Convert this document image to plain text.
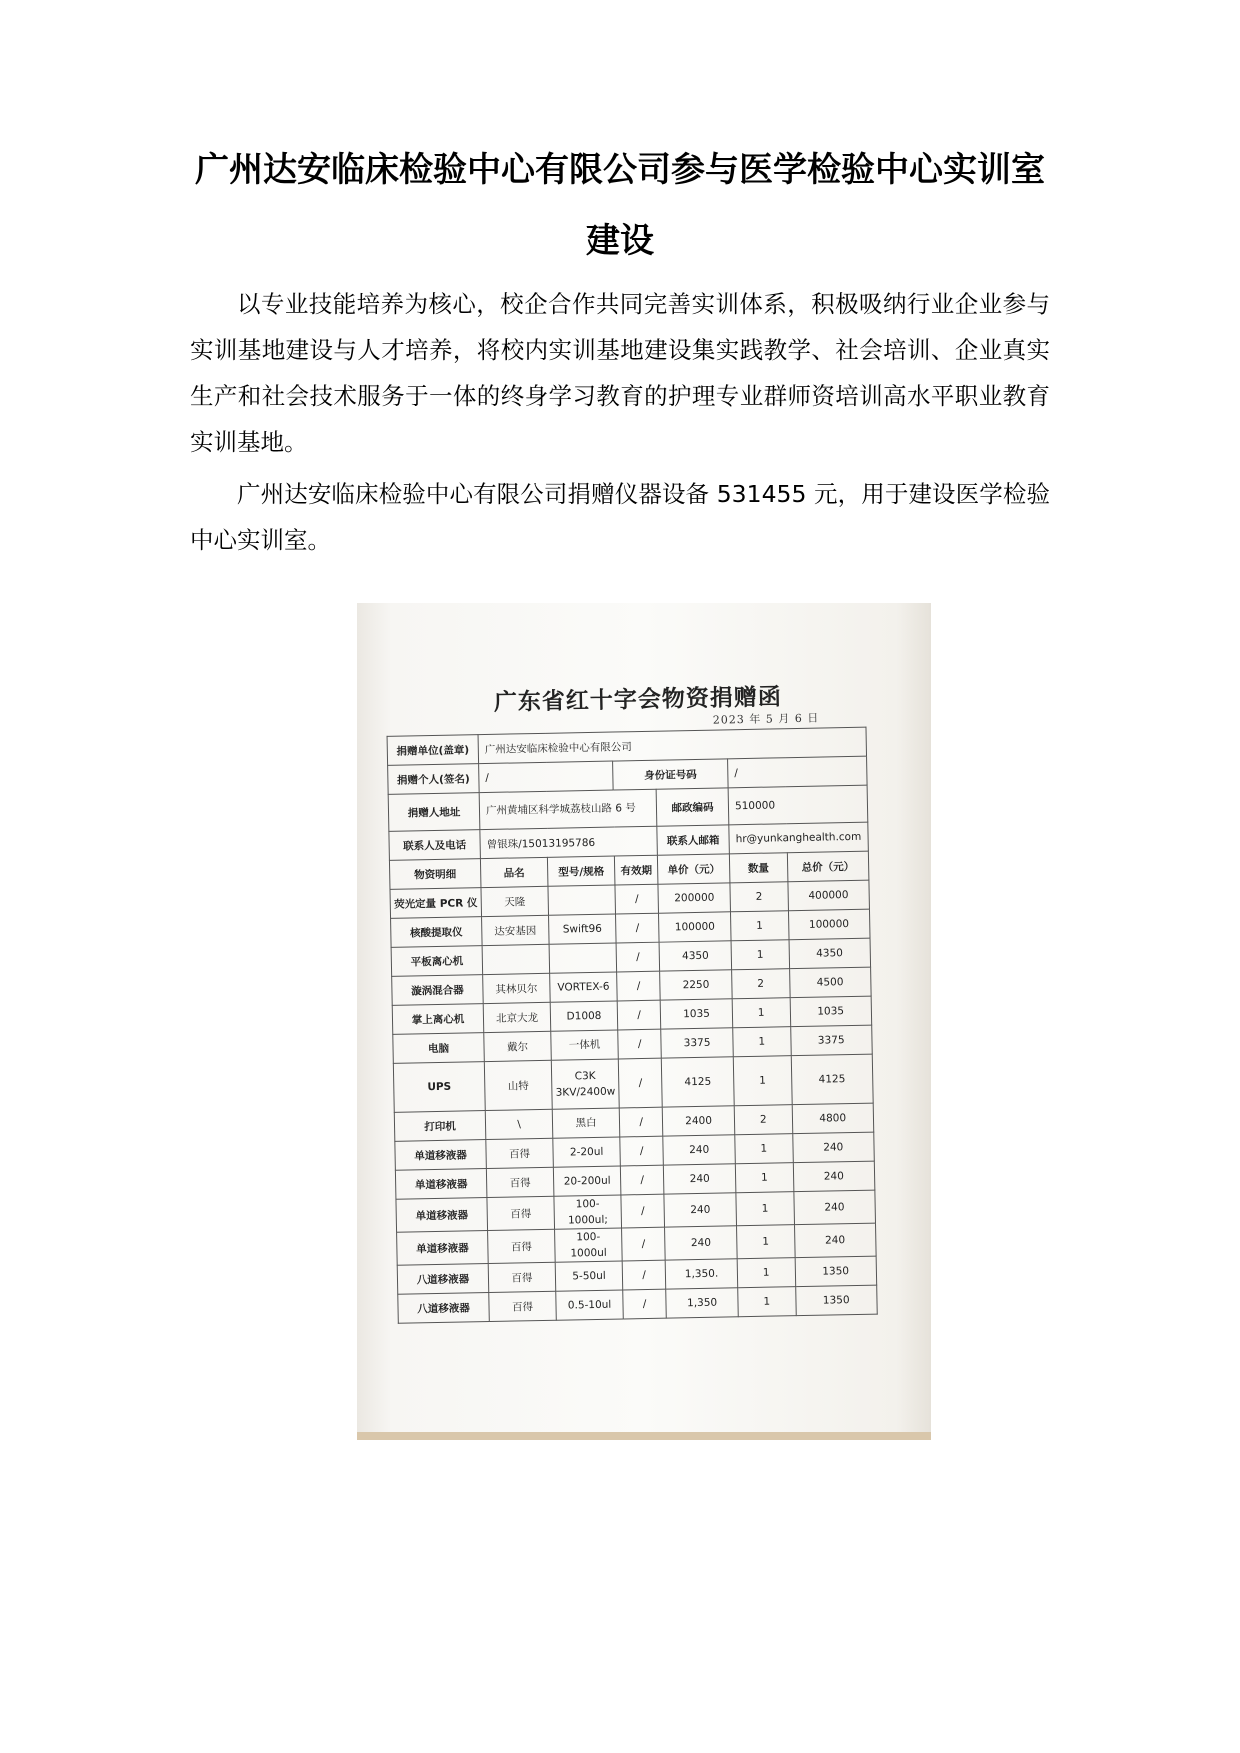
广州达安临床检验中心有限公司参与医学检验中心实训室
建设

以专业技能培养为核心，校企合作共同完善实训体系，积极吸纳行业企业参与实训基地建设与人才培养，将校内实训基地建设集实践教学、社会培训、企业真实生产和社会技术服务于一体的终身学习教育的护理专业群师资培训高水平职业教育实训基地。

广州达安临床检验中心有限公司捐赠仪器设备 531455 元，用于建设医学检验中心实训室。

广东省红十字会物资捐赠函
2023 年 5 月 6 日
捐赠单位(盖章)	广州达安临床检验中心有限公司					
捐赠个人(签名)	/		身份证号码		/	
捐赠人地址	广州黄埔区科学城荔枝山路 6 号			邮政编码	510000	
联系人及电话	曾银珠/15013195786			联系人邮箱	hr@yunkanghealth.com	
物资明细	品名	型号/规格	有效期	单价（元）	数量	总价（元）
荧光定量 PCR 仪	天隆		/	200000	2	400000
核酸提取仪	达安基因	Swift96	/	100000	1	100000
平板离心机			/	4350	1	4350
漩涡混合器	其林贝尔	VORTEX-6	/	2250	2	4500
掌上离心机	北京大龙	D1008	/	1035	1	1035
电脑	戴尔	一体机	/	3375	1	3375
UPS	山特	C3K 3KV/2400w	/	4125	1	4125
打印机	\	黑白	/	2400	2	4800
单道移液器	百得	2-20ul	/	240	1	240
单道移液器	百得	20-200ul	/	240	1	240
单道移液器	百得	100-1000ul;	/	240	1	240
单道移液器	百得	100-1000ul	/	240	1	240
八道移液器	百得	5-50ul	/	1,350.	1	1350
八道移液器	百得	0.5-10ul	/	1,350	1	1350
